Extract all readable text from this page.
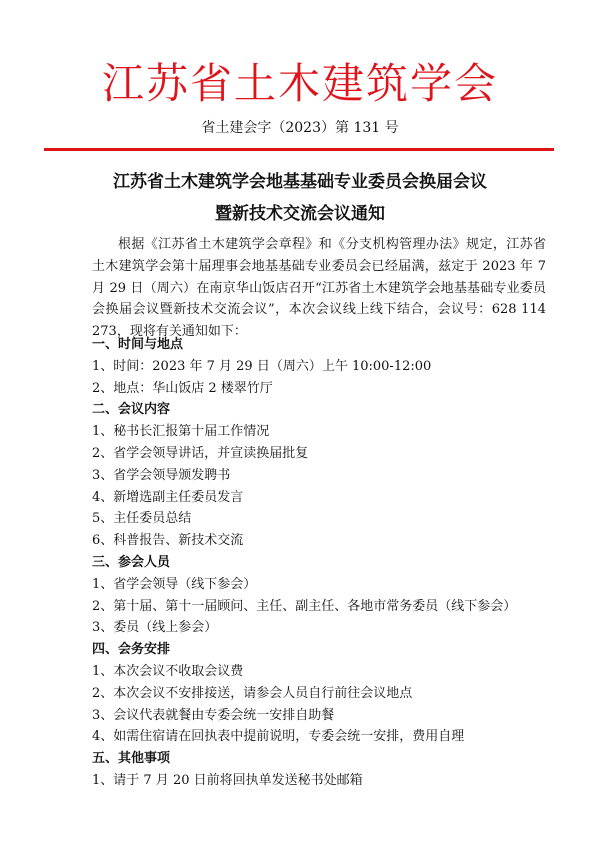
江苏省土木建筑学会
省土建会字（2023）第 131 号
江苏省土木建筑学会地基基础专业委员会换届会议
暨新技术交流会议通知

根据《江苏省土木建筑学会章程》和《分支机构管理办法》规定，江苏省土木建筑学会第十届理事会地基基础专业委员会已经届满，兹定于 2023 年 7 月 29 日（周六）在南京华山饭店召开“江苏省土木建筑学会地基基础专业委员会换届会议暨新技术交流会议”，本次会议线上线下结合，会议号：628 114 273，现将有关通知如下：

一、时间与地点
1、时间：2023 年 7 月 29 日（周六）上午 10:00-12:00
2、地点：华山饭店 2 楼翠竹厅
二、会议内容
1、秘书长汇报第十届工作情况
2、省学会领导讲话，并宣读换届批复
3、省学会领导颁发聘书
4、新增选副主任委员发言
5、主任委员总结
6、科普报告、新技术交流
三、参会人员
1、省学会领导（线下参会）
2、第十届、第十一届顾问、主任、副主任、各地市常务委员（线下参会）
3、委员（线上参会）
四、会务安排
1、本次会议不收取会议费
2、本次会议不安排接送，请参会人员自行前往会议地点
3、会议代表就餐由专委会统一安排自助餐
4、如需住宿请在回执表中提前说明，专委会统一安排，费用自理
五、其他事项
1、请于 7 月 20 日前将回执单发送秘书处邮箱
